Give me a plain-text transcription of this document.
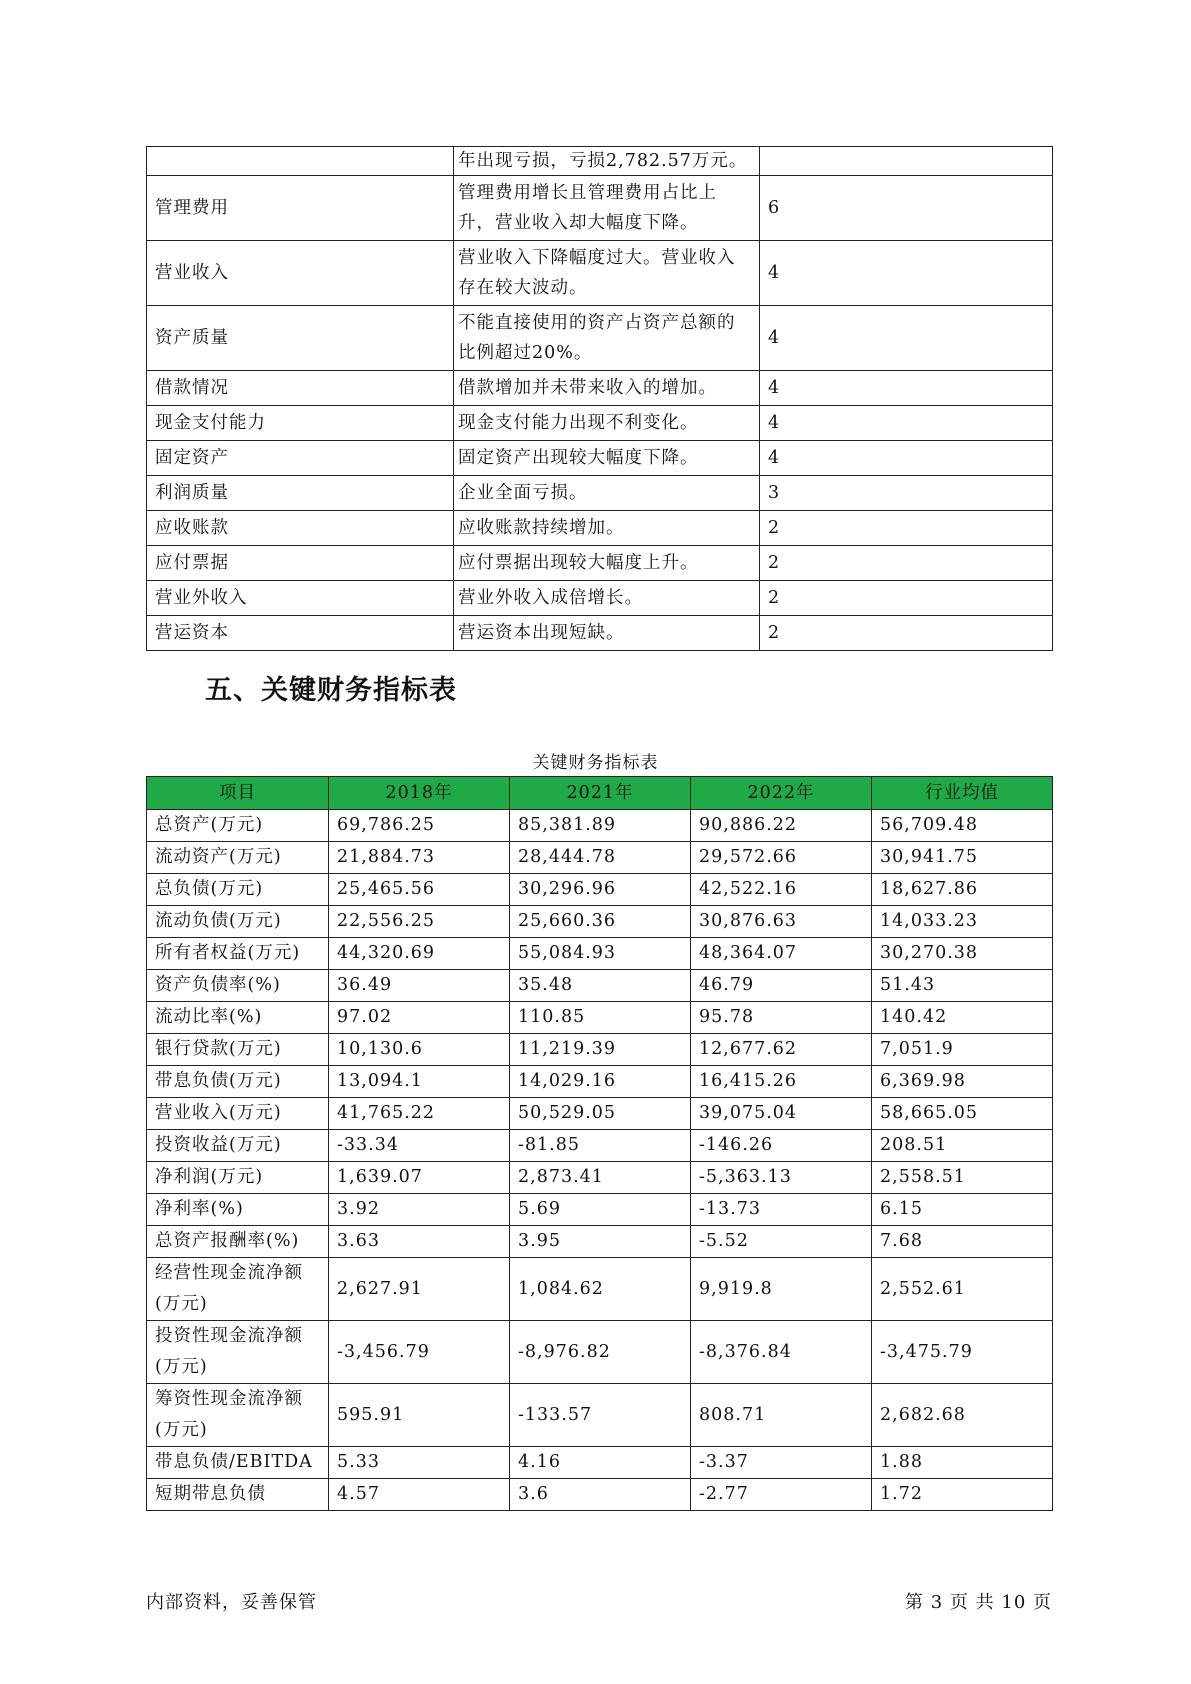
	年出现亏损，亏损2,782.57万元。	

管理费用	管理费用增长且管理费用占比上升，营业收入却大幅度下降。	6
营业收入	营业收入下降幅度过大。营业收入存在较大波动。	4
资产质量	不能直接使用的资产占资产总额的比例超过20%。	4
借款情况	借款增加并未带来收入的增加。	4
现金支付能力	现金支付能力出现不利变化。	4
固定资产	固定资产出现较大幅度下降。	4
利润质量	企业全面亏损。	3
应收账款	应收账款持续增加。	2
应付票据	应付票据出现较大幅度上升。	2
营业外收入	营业外收入成倍增长。	2
营运资本	营运资本出现短缺。	2
五、关键财务指标表
关键财务指标表
项目	2018年	2021年	2022年	行业均值

总资产(万元)	69,786.25	85,381.89	90,886.22	56,709.48

流动资产(万元)	21,884.73	28,444.78	29,572.66	30,941.75

总负债(万元)	25,465.56	30,296.96	42,522.16	18,627.86

流动负债(万元)	22,556.25	25,660.36	30,876.63	14,033.23

所有者权益(万元)	44,320.69	55,084.93	48,364.07	30,270.38

资产负债率(%)	36.49	35.48	46.79	51.43

流动比率(%)	97.02	110.85	95.78	140.42

银行贷款(万元)	10,130.6	11,219.39	12,677.62	7,051.9

带息负债(万元)	13,094.1	14,029.16	16,415.26	6,369.98

营业收入(万元)	41,765.22	50,529.05	39,075.04	58,665.05

投资收益(万元)	-33.34	-81.85	-146.26	208.51

净利润(万元)	1,639.07	2,873.41	-5,363.13	2,558.51

净利率(%)	3.92	5.69	-13.73	6.15

总资产报酬率(%)	3.63	3.95	-5.52	7.68

经营性现金流净额(万元)	2,627.91	1,084.62	9,919.8	2,552.61

投资性现金流净额(万元)	-3,456.79	-8,976.82	-8,376.84	-3,475.79

筹资性现金流净额(万元)	595.91	-133.57	808.71	2,682.68

带息负债/EBITDA	5.33	4.16	-3.37	1.88

短期带息负债	4.57	3.6	-2.77	1.72
内部资料，妥善保管	第 3 页 共 10 页
